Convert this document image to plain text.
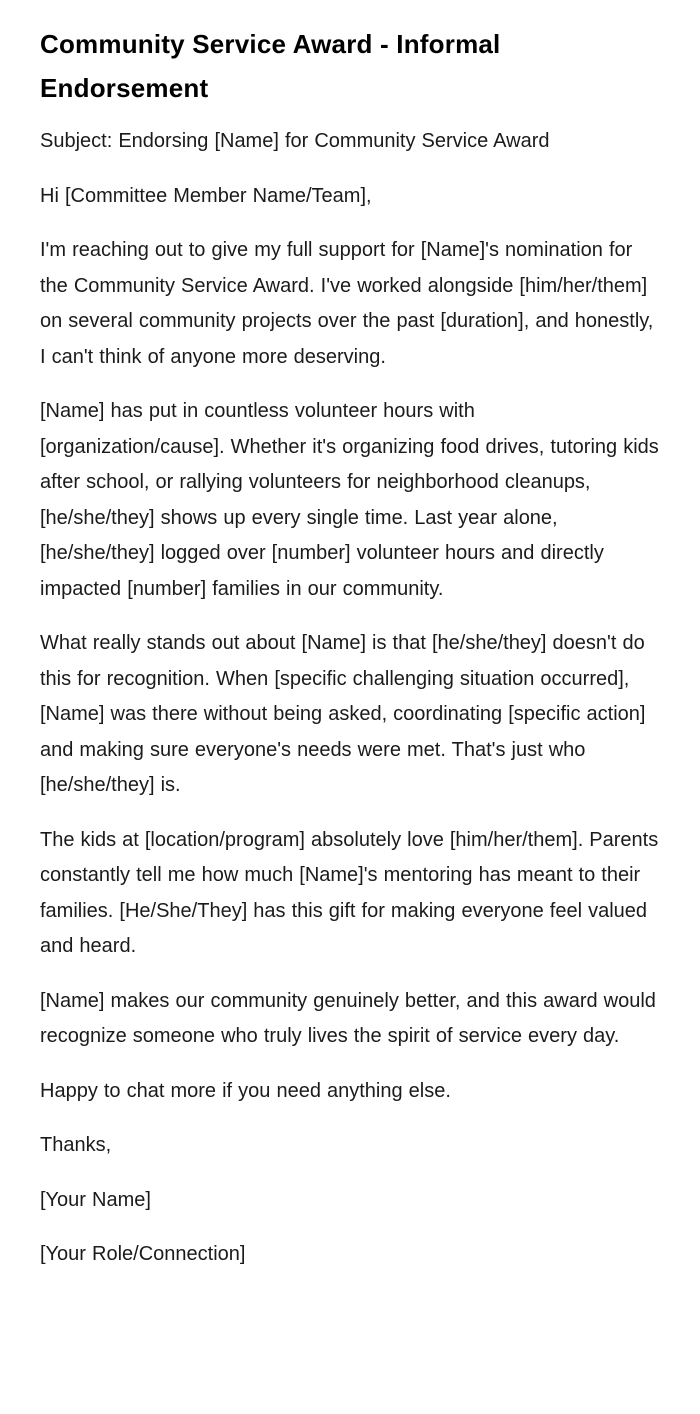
Community Service Award - Informal Endorsement

Subject: Endorsing [Name] for Community Service Award

Hi [Committee Member Name/Team],

I'm reaching out to give my full support for [Name]'s nomination for the Community Service Award. I've worked alongside [him/her/them] on several community projects over the past [duration], and honestly, I can't think of anyone more deserving.

[Name] has put in countless volunteer hours with [organization/cause]. Whether it's organizing food drives, tutoring kids after school, or rallying volunteers for neighborhood cleanups, [he/she/they] shows up every single time. Last year alone, [he/she/they] logged over [number] volunteer hours and directly impacted [number] families in our community.

What really stands out about [Name] is that [he/she/they] doesn't do this for recognition. When [specific challenging situation occurred], [Name] was there without being asked, coordinating [specific action] and making sure everyone's needs were met. That's just who [he/she/they] is.

The kids at [location/program] absolutely love [him/her/them]. Parents constantly tell me how much [Name]'s mentoring has meant to their families. [He/She/They] has this gift for making everyone feel valued and heard.

[Name] makes our community genuinely better, and this award would recognize someone who truly lives the spirit of service every day.

Happy to chat more if you need anything else.

Thanks,

[Your Name]

[Your Role/Connection]
